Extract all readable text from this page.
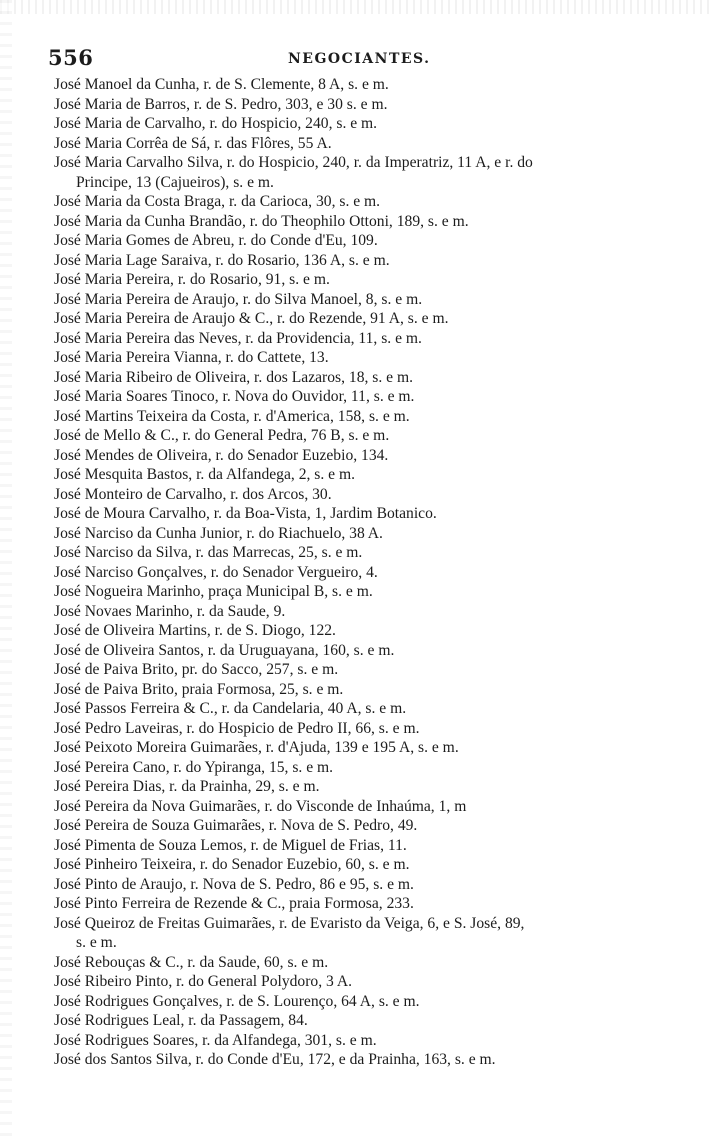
556	NEGOCIANTES.
José Manoel da Cunha, r. de S. Clemente, 8 A, s. e m.
José Maria de Barros, r. de S. Pedro, 303, e 30 s. e m.
José Maria de Carvalho, r. do Hospicio, 240, s. e m.
José Maria Corrêa de Sá, r. das Flôres, 55 A.
José Maria Carvalho Silva, r. do Hospicio, 240, r. da Imperatriz, 11 A, e r. do
Principe, 13 (Cajueiros), s. e m.
José Maria da Costa Braga, r. da Carioca, 30, s. e m.
José Maria da Cunha Brandão, r. do Theophilo Ottoni, 189, s. e m.
José Maria Gomes de Abreu, r. do Conde d'Eu, 109.
José Maria Lage Saraiva, r. do Rosario, 136 A, s. e m.
José Maria Pereira, r. do Rosario, 91, s. e m.
José Maria Pereira de Araujo, r. do Silva Manoel, 8, s. e m.
José Maria Pereira de Araujo & C., r. do Rezende, 91 A, s. e m.
José Maria Pereira das Neves, r. da Providencia, 11, s. e m.
José Maria Pereira Vianna, r. do Cattete, 13.
José Maria Ribeiro de Oliveira, r. dos Lazaros, 18, s. e m.
José Maria Soares Tinoco, r. Nova do Ouvidor, 11, s. e m.
José Martins Teixeira da Costa, r. d'America, 158, s. e m.
José de Mello & C., r. do General Pedra, 76 B, s. e m.
José Mendes de Oliveira, r. do Senador Euzebio, 134.
José Mesquita Bastos, r. da Alfandega, 2, s. e m.
José Monteiro de Carvalho, r. dos Arcos, 30.
José de Moura Carvalho, r. da Boa-Vista, 1, Jardim Botanico.
José Narciso da Cunha Junior, r. do Riachuelo, 38 A.
José Narciso da Silva, r. das Marrecas, 25, s. e m.
José Narciso Gonçalves, r. do Senador Vergueiro, 4.
José Nogueira Marinho, praça Municipal B, s. e m.
José Novaes Marinho, r. da Saude, 9.
José de Oliveira Martins, r. de S. Diogo, 122.
José de Oliveira Santos, r. da Uruguayana, 160, s. e m.
José de Paiva Brito, pr. do Sacco, 257, s. e m.
José de Paiva Brito, praia Formosa, 25, s. e m.
José Passos Ferreira & C., r. da Candelaria, 40 A, s. e m.
José Pedro Laveiras, r. do Hospicio de Pedro II, 66, s. e m.
José Peixoto Moreira Guimarães, r. d'Ajuda, 139 e 195 A, s. e m.
José Pereira Cano, r. do Ypiranga, 15, s. e m.
José Pereira Dias, r. da Prainha, 29, s. e m.
José Pereira da Nova Guimarães, r. do Visconde de Inhaúma, 1, m
José Pereira de Souza Guimarães, r. Nova de S. Pedro, 49.
José Pimenta de Souza Lemos, r. de Miguel de Frias, 11.
José Pinheiro Teixeira, r. do Senador Euzebio, 60, s. e m.
José Pinto de Araujo, r. Nova de S. Pedro, 86 e 95, s. e m.
José Pinto Ferreira de Rezende & C., praia Formosa, 233.
José Queiroz de Freitas Guimarães, r. de Evaristo da Veiga, 6, e S. José, 89,
s. e m.
José Rebouças & C., r. da Saude, 60, s. e m.
José Ribeiro Pinto, r. do General Polydoro, 3 A.
José Rodrigues Gonçalves, r. de S. Lourenço, 64 A, s. e m.
José Rodrigues Leal, r. da Passagem, 84.
José Rodrigues Soares, r. da Alfandega, 301, s. e m.
José dos Santos Silva, r. do Conde d'Eu, 172, e da Prainha, 163, s. e m.
